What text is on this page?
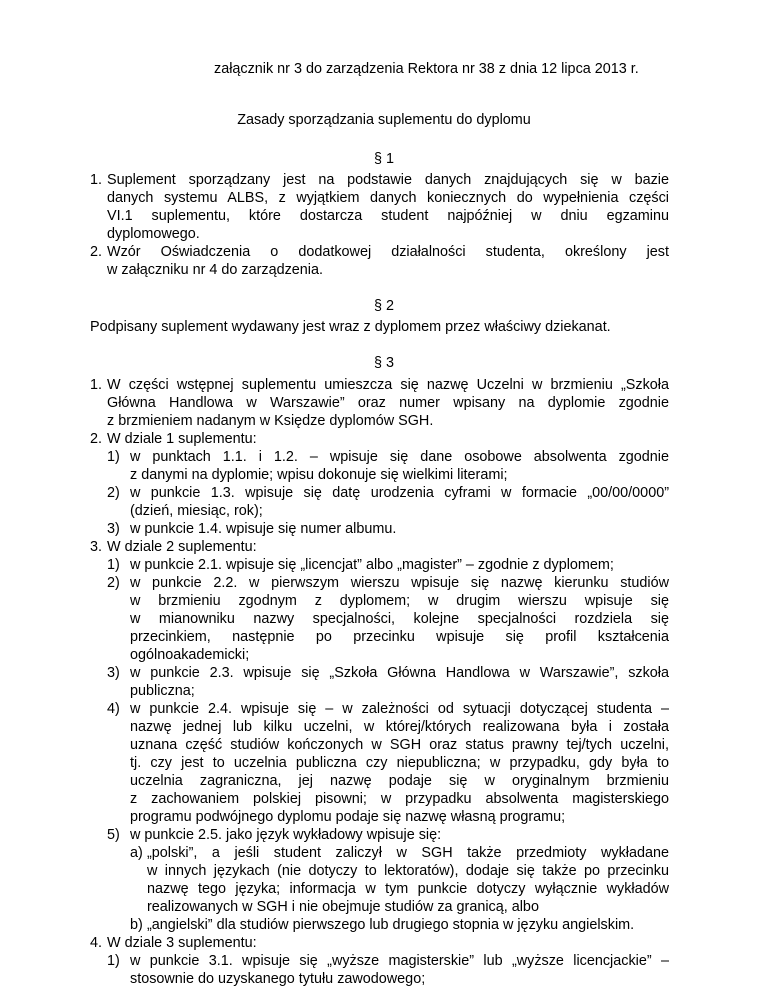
załącznik nr 3 do zarządzenia Rektora nr 38 z dnia 12 lipca 2013 r.
Zasady sporządzania suplementu do dyplomu
§ 1
1. Suplement sporządzany jest na podstawie danych znajdujących się w bazie
danych systemu ALBS, z wyjątkiem danych koniecznych do wypełnienia części
VI.1 suplementu, które dostarcza student najpóźniej w dniu egzaminu
dyplomowego.
2. Wzór Oświadczenia o dodatkowej działalności studenta, określony jest
w załączniku nr 4 do zarządzenia.
§ 2
Podpisany suplement wydawany jest wraz z dyplomem przez właściwy dziekanat.
§ 3
1. W części wstępnej suplementu umieszcza się nazwę Uczelni w brzmieniu „Szkoła
Główna Handlowa w Warszawie” oraz numer wpisany na dyplomie zgodnie
z brzmieniem nadanym w Księdze dyplomów SGH.
2. W dziale 1 suplementu:
1) w punktach 1.1. i 1.2. – wpisuje się dane osobowe absolwenta zgodnie
z danymi na dyplomie; wpisu dokonuje się wielkimi literami;
2) w punkcie 1.3. wpisuje się datę urodzenia cyframi w formacie „00/00/0000”
(dzień, miesiąc, rok);
3) w punkcie 1.4. wpisuje się numer albumu.
3. W dziale 2 suplementu:
1) w punkcie 2.1. wpisuje się „licencjat” albo „magister” – zgodnie z dyplomem;
2) w punkcie 2.2. w pierwszym wierszu wpisuje się nazwę kierunku studiów
w brzmieniu zgodnym z dyplomem; w drugim wierszu wpisuje się
w mianowniku nazwy specjalności, kolejne specjalności rozdziela się
przecinkiem, następnie po przecinku wpisuje się profil kształcenia
ogólnoakademicki;
3) w punkcie 2.3. wpisuje się „Szkoła Główna Handlowa w Warszawie”, szkoła
publiczna;
4) w punkcie 2.4. wpisuje się – w zależności od sytuacji dotyczącej studenta –
nazwę jednej lub kilku uczelni, w której/których realizowana była i została
uznana część studiów kończonych w SGH oraz status prawny tej/tych uczelni,
tj. czy jest to uczelnia publiczna czy niepubliczna; w przypadku, gdy była to
uczelnia zagraniczna, jej nazwę podaje się w oryginalnym brzmieniu
z zachowaniem polskiej pisowni; w przypadku absolwenta magisterskiego
programu podwójnego dyplomu podaje się nazwę własną programu;
5) w punkcie 2.5. jako język wykładowy wpisuje się:
a) „polski”, a jeśli student zaliczył w SGH także przedmioty wykładane
w innych językach (nie dotyczy to lektoratów), dodaje się także po przecinku
nazwę tego języka; informacja w tym punkcie dotyczy wyłącznie wykładów
realizowanych w SGH i nie obejmuje studiów za granicą, albo
b) „angielski” dla studiów pierwszego lub drugiego stopnia w języku angielskim.
4. W dziale 3 suplementu:
1) w punkcie 3.1. wpisuje się „wyższe magisterskie” lub „wyższe licencjackie” –
stosownie do uzyskanego tytułu zawodowego;
